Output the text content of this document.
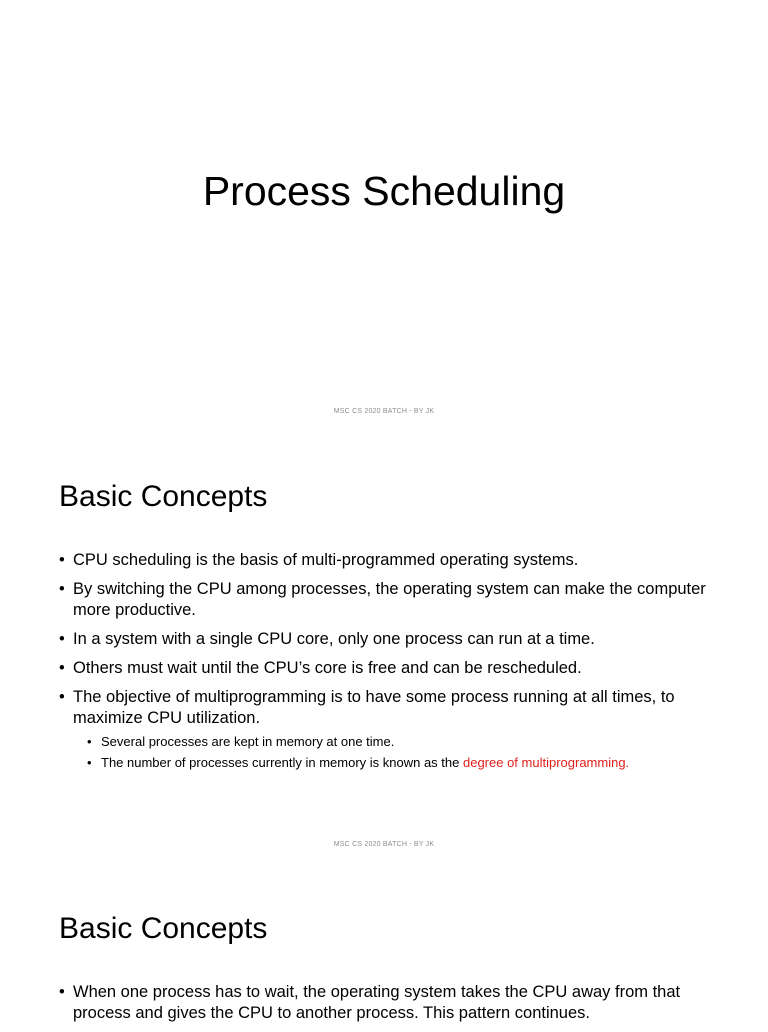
Process Scheduling
MSC CS 2020 BATCH - BY JK
Basic Concepts
• CPU scheduling is the basis of multi-programmed operating systems.
• By switching the CPU among processes, the operating system can make the computer more productive.
• In a system with a single CPU core, only one process can run at a time.
• Others must wait until the CPU’s core is free and can be rescheduled.
• The objective of multiprogramming is to have some process running at all times, to maximize CPU utilization.
• Several processes are kept in memory at one time.
• The number of processes currently in memory is known as the degree of multiprogramming.
MSC CS 2020 BATCH - BY JK
Basic Concepts
• When one process has to wait, the operating system takes the CPU away from that process and gives the CPU to another process. This pattern continues.
